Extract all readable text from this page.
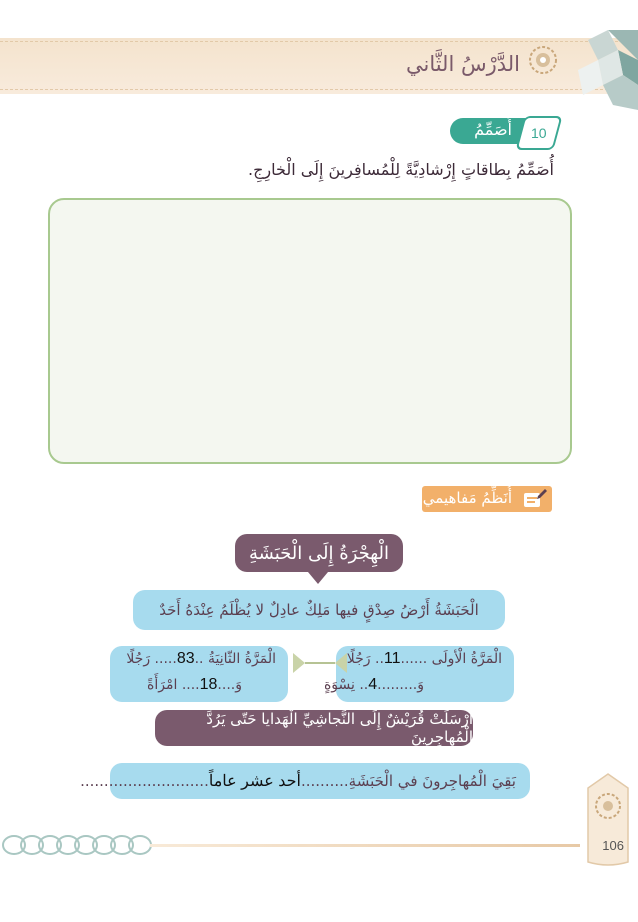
الدَّرْسُ الثَّاني
أُصَمِّمُ 10
أُصَمِّمُ بِطاقاتٍ إِرْشادِيَّةً لِلْمُسافِرينَ إِلَى الْخارِجِ.
أُنَظِّمُ مَفاهيمي
الْهِجْرَةُ إِلَى الْحَبَشَةِ
الْحَبَشَةُ أَرْضُ صِدْقٍ فيها مَلِكٌ عادِلٌ لا يُظْلَمُ عِنْدَهُ أَحَدٌ
الْمَرَّةُ الْأولَى ......11.. رَجُلًا
وَ.........4.. نِسْوَةٍ
الْمَرَّةُ الثّانِيَةُ ..83..... رَجُلًا
وَ....18.... امْرَأَةً
أَرْسَلَتْ قُرَيْشٌ إِلَى النَّجاشِيِّ الْهَدايا حَتّى يَرُدَّ الْمُهاجِرينَ
بَقِيَ الْمُهاجِرونَ في الْحَبَشَةِ..........أحد عشر عاماً...........................
106
